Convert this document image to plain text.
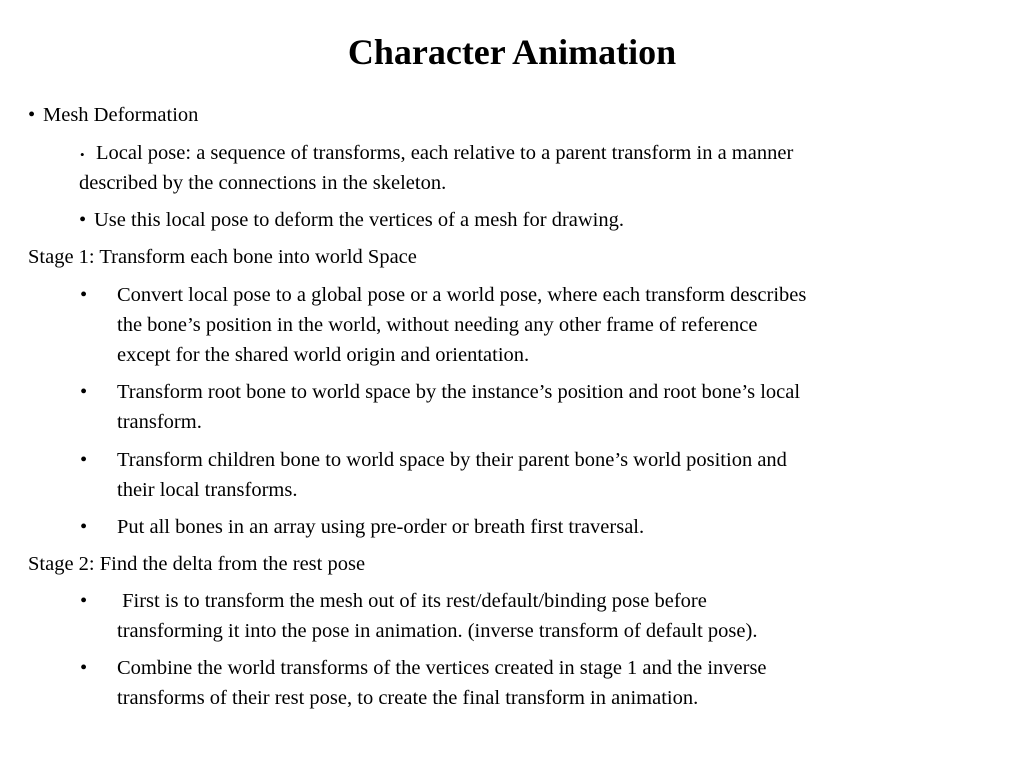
Character Animation
• Mesh Deformation
• Local pose: a sequence of transforms, each relative to a parent transform in a manner
described by the connections in the skeleton.
• Use this local pose to deform the vertices of a mesh for drawing.
Stage 1: Transform each bone into world Space
• Convert local pose to a global pose or a world pose, where each transform describes
the bone’s position in the world, without needing any other frame of reference
except for the shared world origin and orientation.
• Transform root bone to world space by the instance’s position and root bone’s local
transform.
• Transform children bone to world space by their parent bone’s world position and
their local transforms.
• Put all bones in an array using pre-order or breath first traversal.
Stage 2: Find the delta from the rest pose
• First is to transform the mesh out of its rest/default/binding pose before
transforming it into the pose in animation. (inverse transform of default pose).
• Combine the world transforms of the vertices created in stage 1 and the inverse
transforms of their rest pose, to create the final transform in animation.
